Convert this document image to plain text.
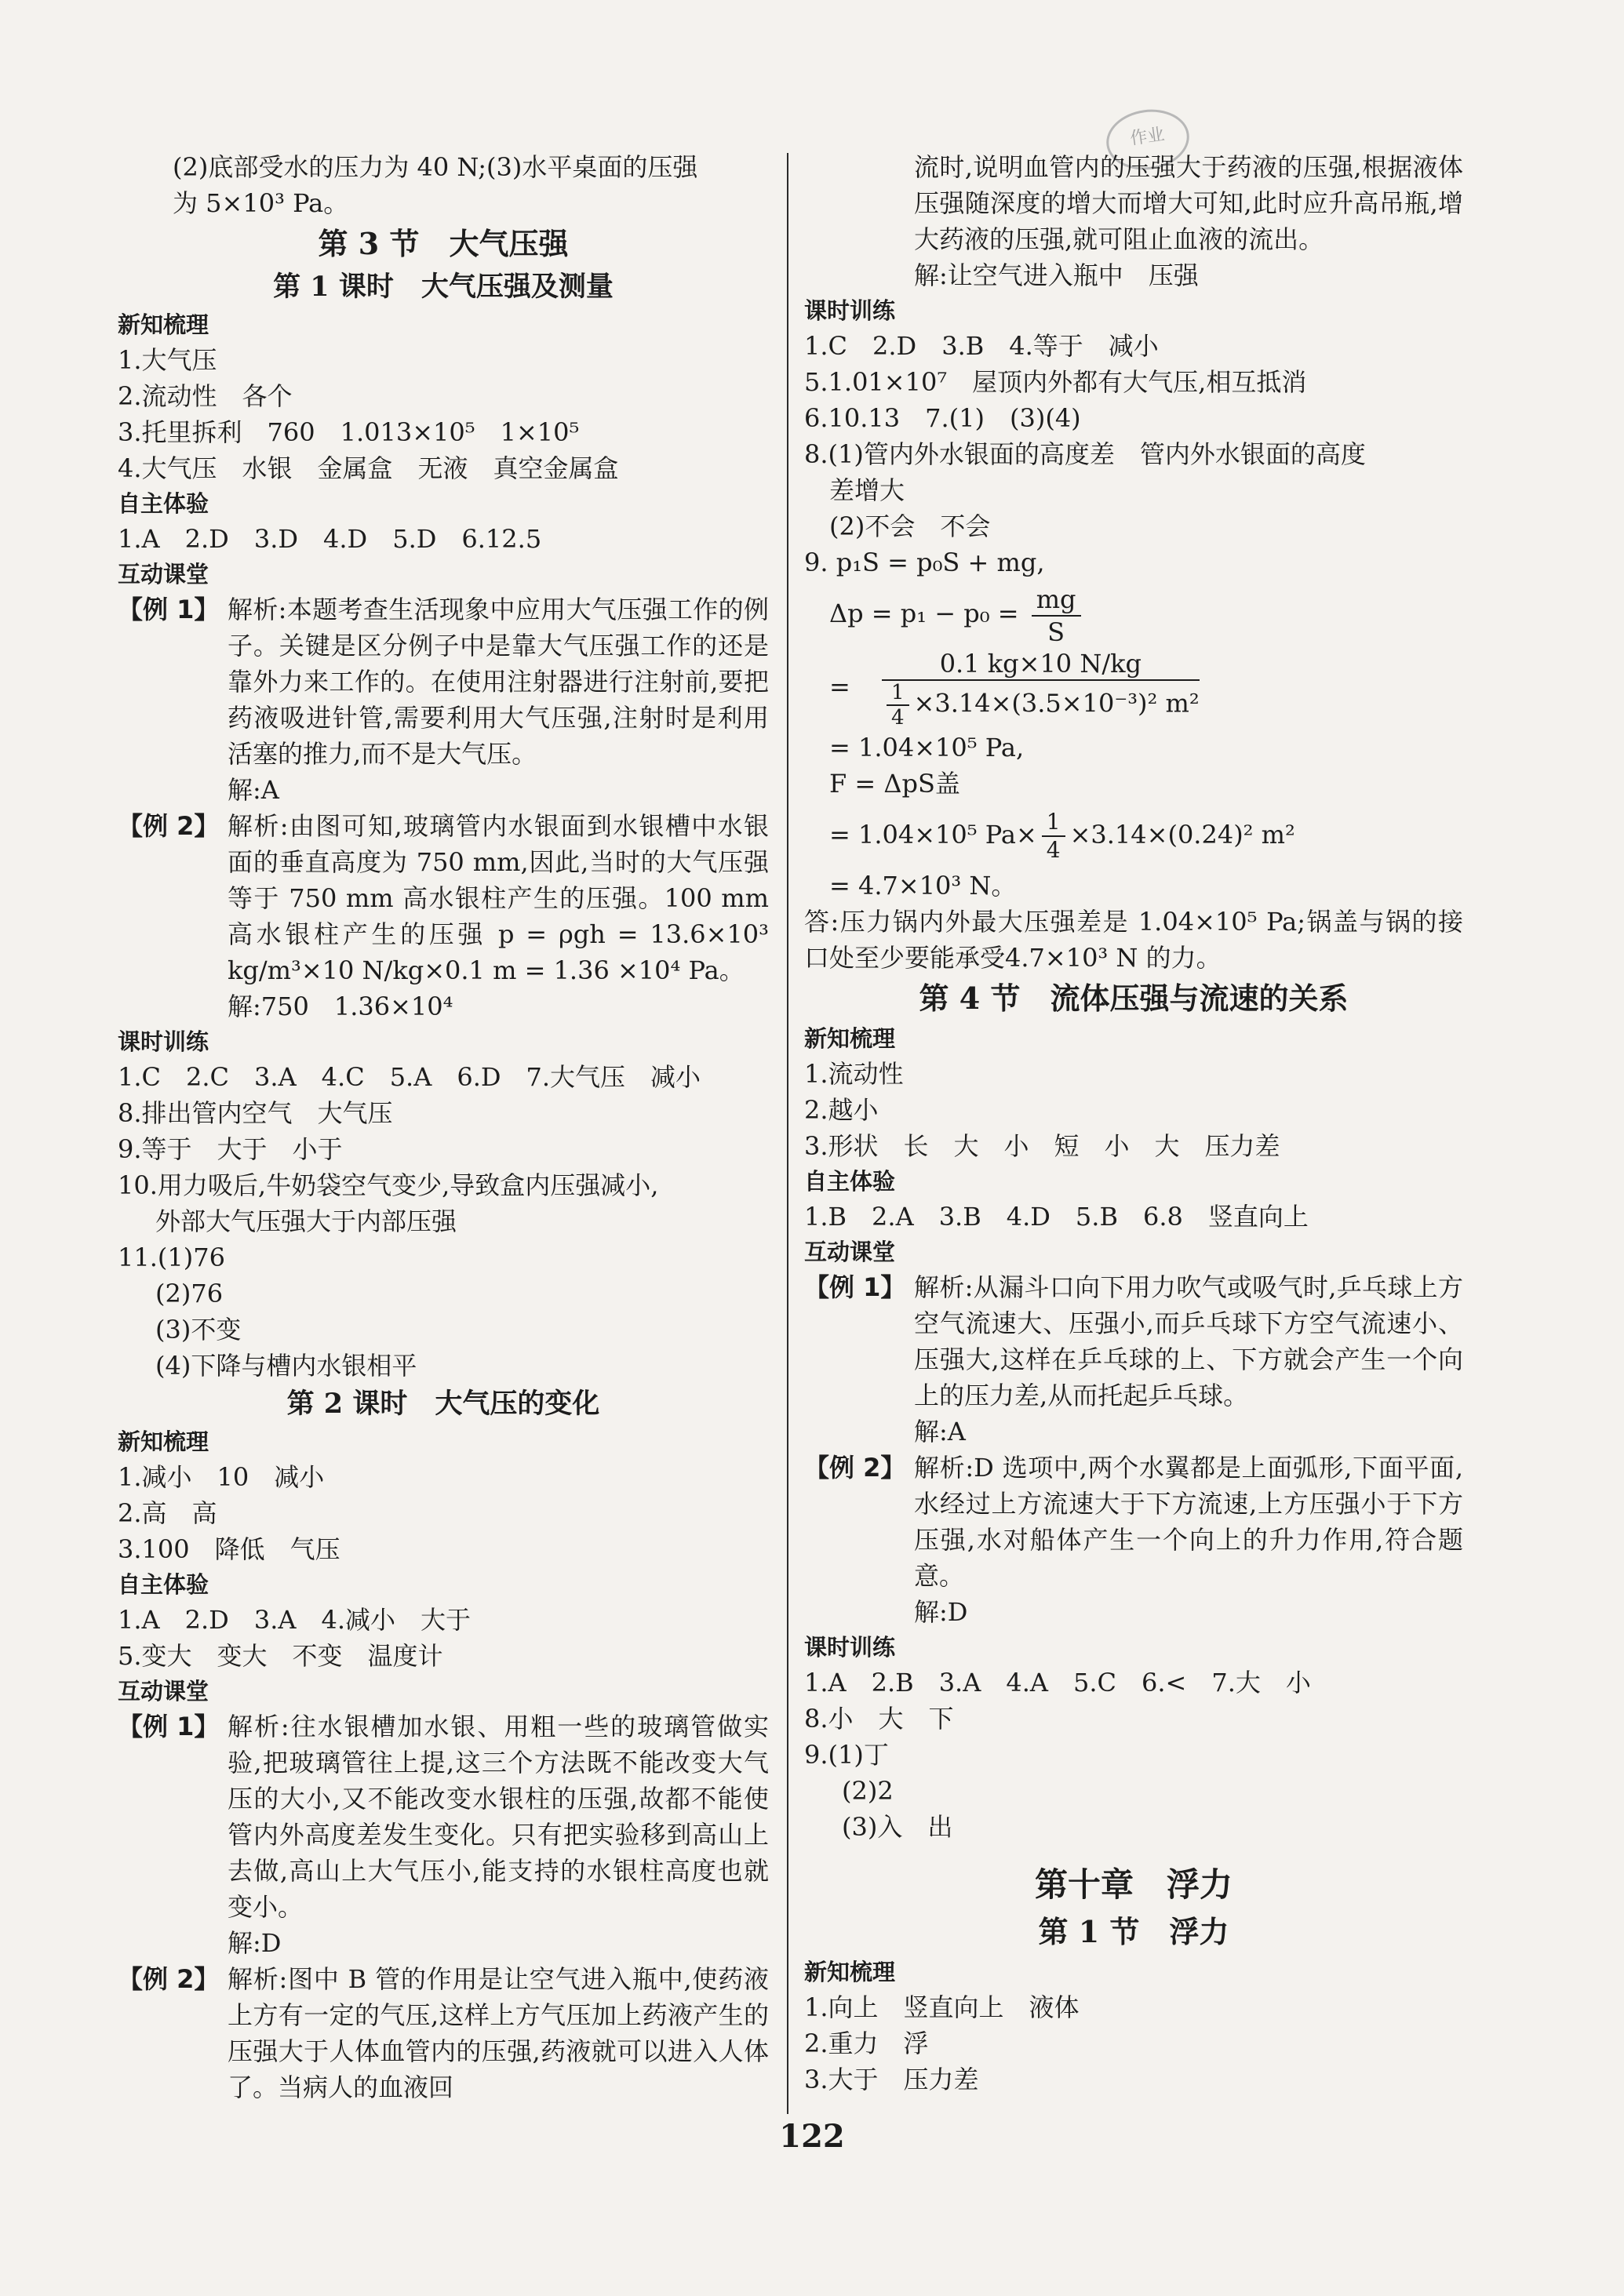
作业
(2)底部受水的压力为 40 N;(3)水平桌面的压强
为 5×10³ Pa。
第 3 节　大气压强
第 1 课时　大气压强及测量
新知梳理
1.大气压
2.流动性　各个
3.托里拆利　760　1.013×10⁵　1×10⁵
4.大气压　水银　金属盒　无液　真空金属盒
自主体验
1.A　2.D　3.D　4.D　5.D　6.12.5
互动课堂
【例 1】 解析:本题考查生活现象中应用大气压强工作的例子。关键是区分例子中是靠大气压强工作的还是靠外力来工作的。在使用注射器进行注射前,要把药液吸进针管,需要利用大气压强,注射时是利用活塞的推力,而不是大气压。
解:A
【例 2】 解析:由图可知,玻璃管内水银面到水银槽中水银面的垂直高度为 750 mm,因此,当时的大气压强等于 750 mm 高水银柱产生的压强。100 mm 高水银柱产生的压强 p = ρgh = 13.6×10³ kg/m³×10 N/kg×0.1 m = 1.36 ×10⁴ Pa。
解:750　1.36×10⁴
课时训练
1.C　2.C　3.A　4.C　5.A　6.D　7.大气压　减小
8.排出管内空气　大气压
9.等于　大于　小于
10.用力吸后,牛奶袋空气变少,导致盒内压强减小,
外部大气压强大于内部压强
11.(1)76
(2)76
(3)不变
(4)下降与槽内水银相平
第 2 课时　大气压的变化
新知梳理
1.减小　10　减小
2.高　高
3.100　降低　气压
自主体验
1.A　2.D　3.A　4.减小　大于
5.变大　变大　不变　温度计
互动课堂
【例 1】 解析:往水银槽加水银、用粗一些的玻璃管做实验,把玻璃管往上提,这三个方法既不能改变大气压的大小,又不能改变水银柱的压强,故都不能使管内外高度差发生变化。只有把实验移到高山上去做,高山上大气压小,能支持的水银柱高度也就变小。
解:D
【例 2】 解析:图中 B 管的作用是让空气进入瓶中,使药液上方有一定的气压,这样上方气压加上药液产生的压强大于人体血管内的压强,药液就可以进入人体了。当病人的血液回
流时,说明血管内的压强大于药液的压强,根据液体压强随深度的增大而增大可知,此时应升高吊瓶,增大药液的压强,就可阻止血液的流出。
解:让空气进入瓶中　压强
课时训练
1.C　2.D　3.B　4.等于　减小
5.1.01×10⁷　屋顶内外都有大气压,相互抵消
6.10.13　7.(1)　(3)(4)
8.(1)管内外水银面的高度差　管内外水银面的高度
差增大
(2)不会　不会
9. p₁S = p₀S + mg,
$\Delta p = p_1 - p_0 = \frac{mg}{S}$
= $\frac{0.1 kg\times 10 N/kg}{\frac{1}{4} \times 3.14\times(3.5\times 10^{-3})^2 m^2}$
= 1.04×10⁵ Pa,
F = ΔpS盖
= 1.04×10⁵ $Pa\times \frac{1}{4} \times 3.14\times(0.24)^2$ m²
= 4.7×10³ N。
答:压力锅内外最大压强差是 1.04×10⁵ Pa;锅盖与锅的接口处至少要能承受4.7×10³ N 的力。
第 4 节　流体压强与流速的关系
新知梳理
1.流动性
2.越小
3.形状　长　大　小　短　小　大　压力差
自主体验
1.B　2.A　3.B　4.D　5.B　6.8　竖直向上
互动课堂
【例 1】 解析:从漏斗口向下用力吹气或吸气时,乒乓球上方空气流速大、压强小,而乒乓球下方空气流速小、压强大,这样在乒乓球的上、下方就会产生一个向上的压力差,从而托起乒乓球。
解:A
【例 2】 解析:D 选项中,两个水翼都是上面弧形,下面平面,水经过上方流速大于下方流速,上方压强小于下方压强,水对船体产生一个向上的升力作用,符合题意。
解:D
课时训练
1.A　2.B　3.A　4.A　5.C　6.<　7.大　小
8.小　大　下
9.(1)丁
(2)2
(3)入　出
第十章　浮力
第 1 节　浮力
新知梳理
1.向上　竖直向上　液体
2.重力　浮
3.大于　压力差
122
